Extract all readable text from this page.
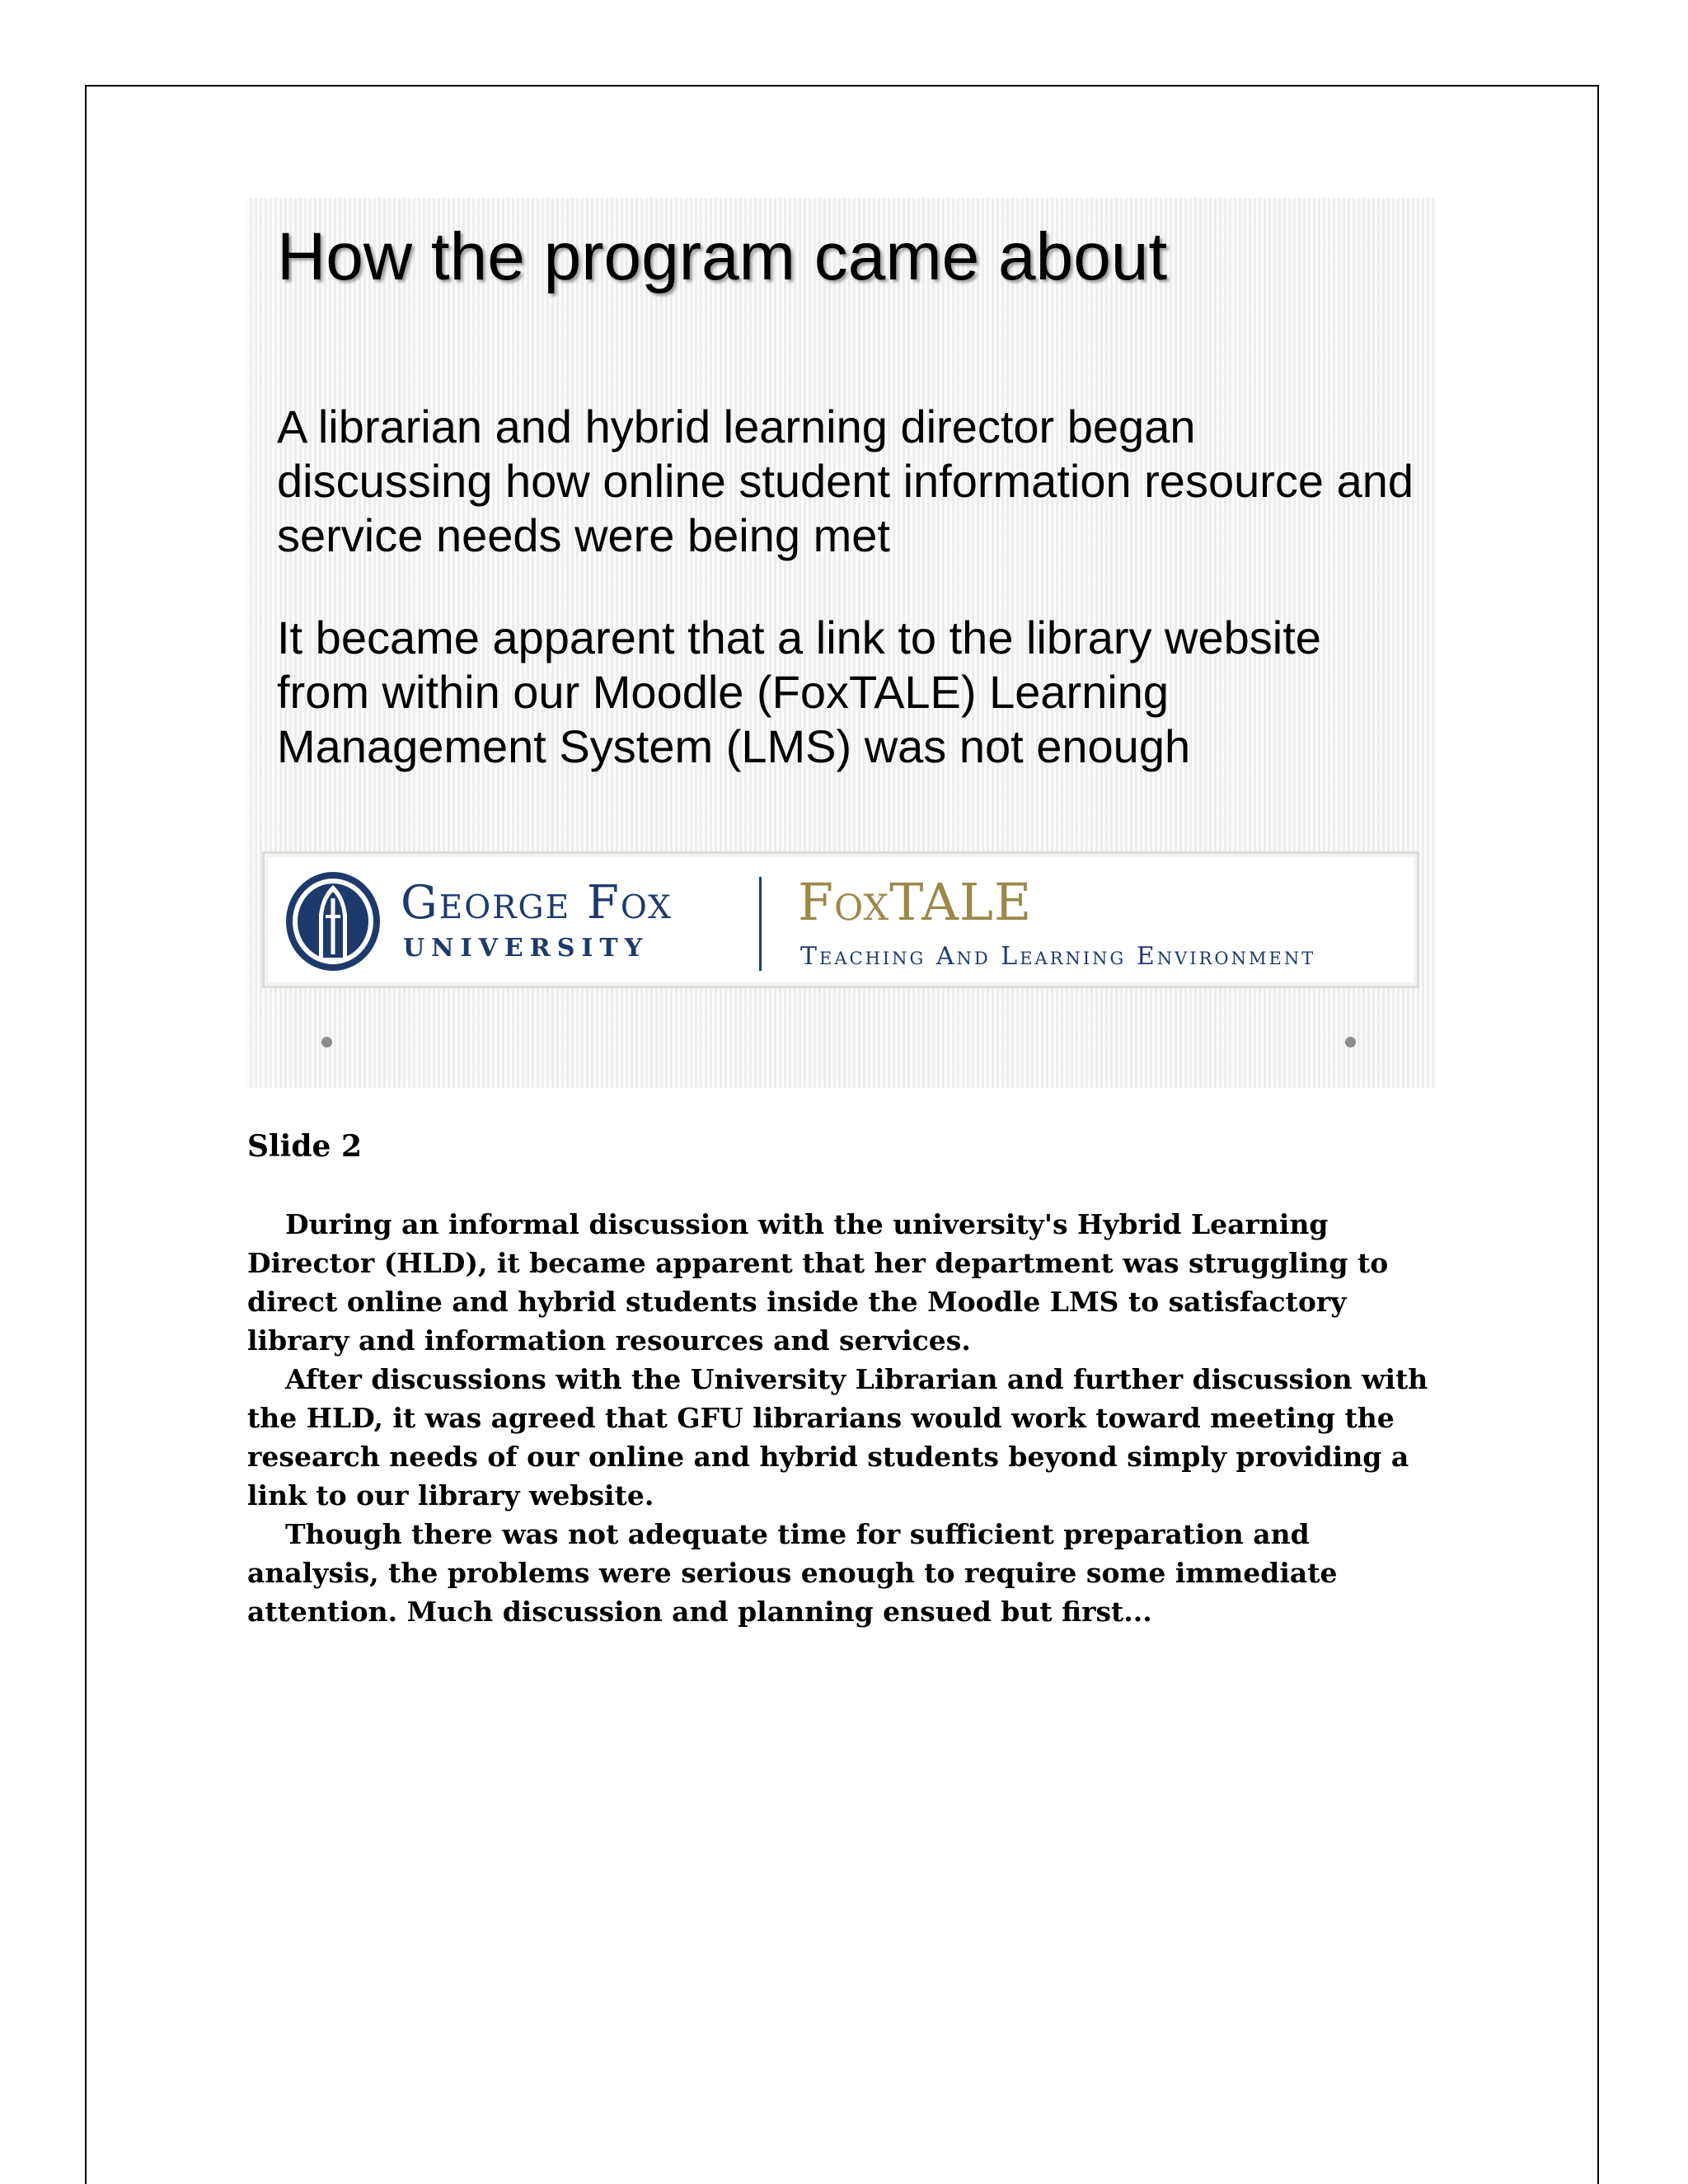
How the program came about

A librarian and hybrid learning director began discussing how online student information resource and service needs were being met

It became apparent that a link to the library website from within our Moodle (FoxTALE) Learning Management System (LMS) was not enough

George Fox
UNIVERSITY
FoxTALE
Teaching And Learning Environment
Slide 2

During an informal discussion with the university's Hybrid Learning Director (HLD), it became apparent that her department was struggling to direct online and hybrid students inside the Moodle LMS to satisfactory library and information resources and services.

After discussions with the University Librarian and further discussion with the HLD, it was agreed that GFU librarians would work toward meeting the research needs of our online and hybrid students beyond simply providing a link to our library website.

Though there was not adequate time for sufficient preparation and analysis, the problems were serious enough to require some immediate attention. Much discussion and planning ensued but first...
